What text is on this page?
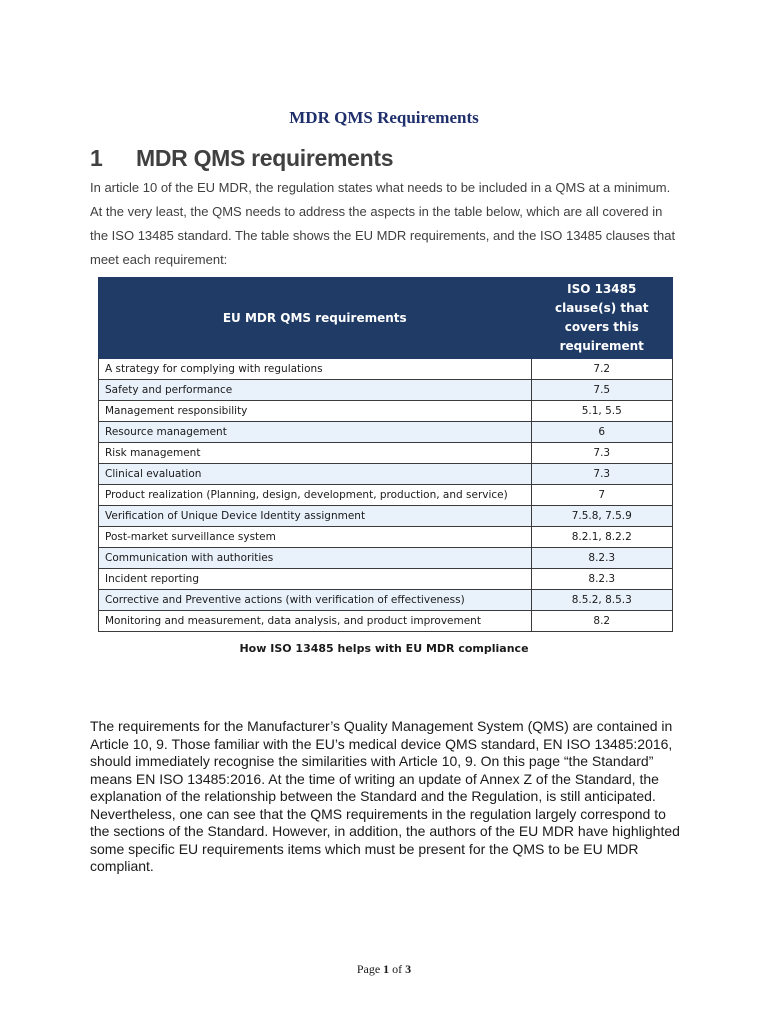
MDR QMS Requirements
1 MDR QMS requirements

In article 10 of the EU MDR, the regulation states what needs to be included in a QMS at a minimum. At the very least, the QMS needs to address the aspects in the table below, which are all covered in the ISO 13485 standard. The table shows the EU MDR requirements, and the ISO 13485 clauses that meet each requirement:

EU MDR QMS requirements	ISO 13485 clause(s) that covers this requirement
A strategy for complying with regulations	7.2
Safety and performance	7.5
Management responsibility	5.1, 5.5
Resource management	6
Risk management	7.3
Clinical evaluation	7.3
Product realization (Planning, design, development, production, and service)	7
Verification of Unique Device Identity assignment	7.5.8, 7.5.9
Post-market surveillance system	8.2.1, 8.2.2
Communication with authorities	8.2.3
Incident reporting	8.2.3
Corrective and Preventive actions (with verification of effectiveness)	8.5.2, 8.5.3
Monitoring and measurement, data analysis, and product improvement	8.2

How ISO 13485 helps with EU MDR compliance

The requirements for the Manufacturer’s Quality Management System (QMS) are contained in Article 10, 9. Those familiar with the EU’s medical device QMS standard, EN ISO 13485:2016, should immediately recognise the similarities with Article 10, 9. On this page “the Standard” means EN ISO 13485:2016. At the time of writing an update of Annex Z of the Standard, the explanation of the relationship between the Standard and the Regulation, is still anticipated. Nevertheless, one can see that the QMS requirements in the regulation largely correspond to the sections of the Standard. However, in addition, the authors of the EU MDR have highlighted some specific EU requirements items which must be present for the QMS to be EU MDR compliant.

Page 1 of 3
